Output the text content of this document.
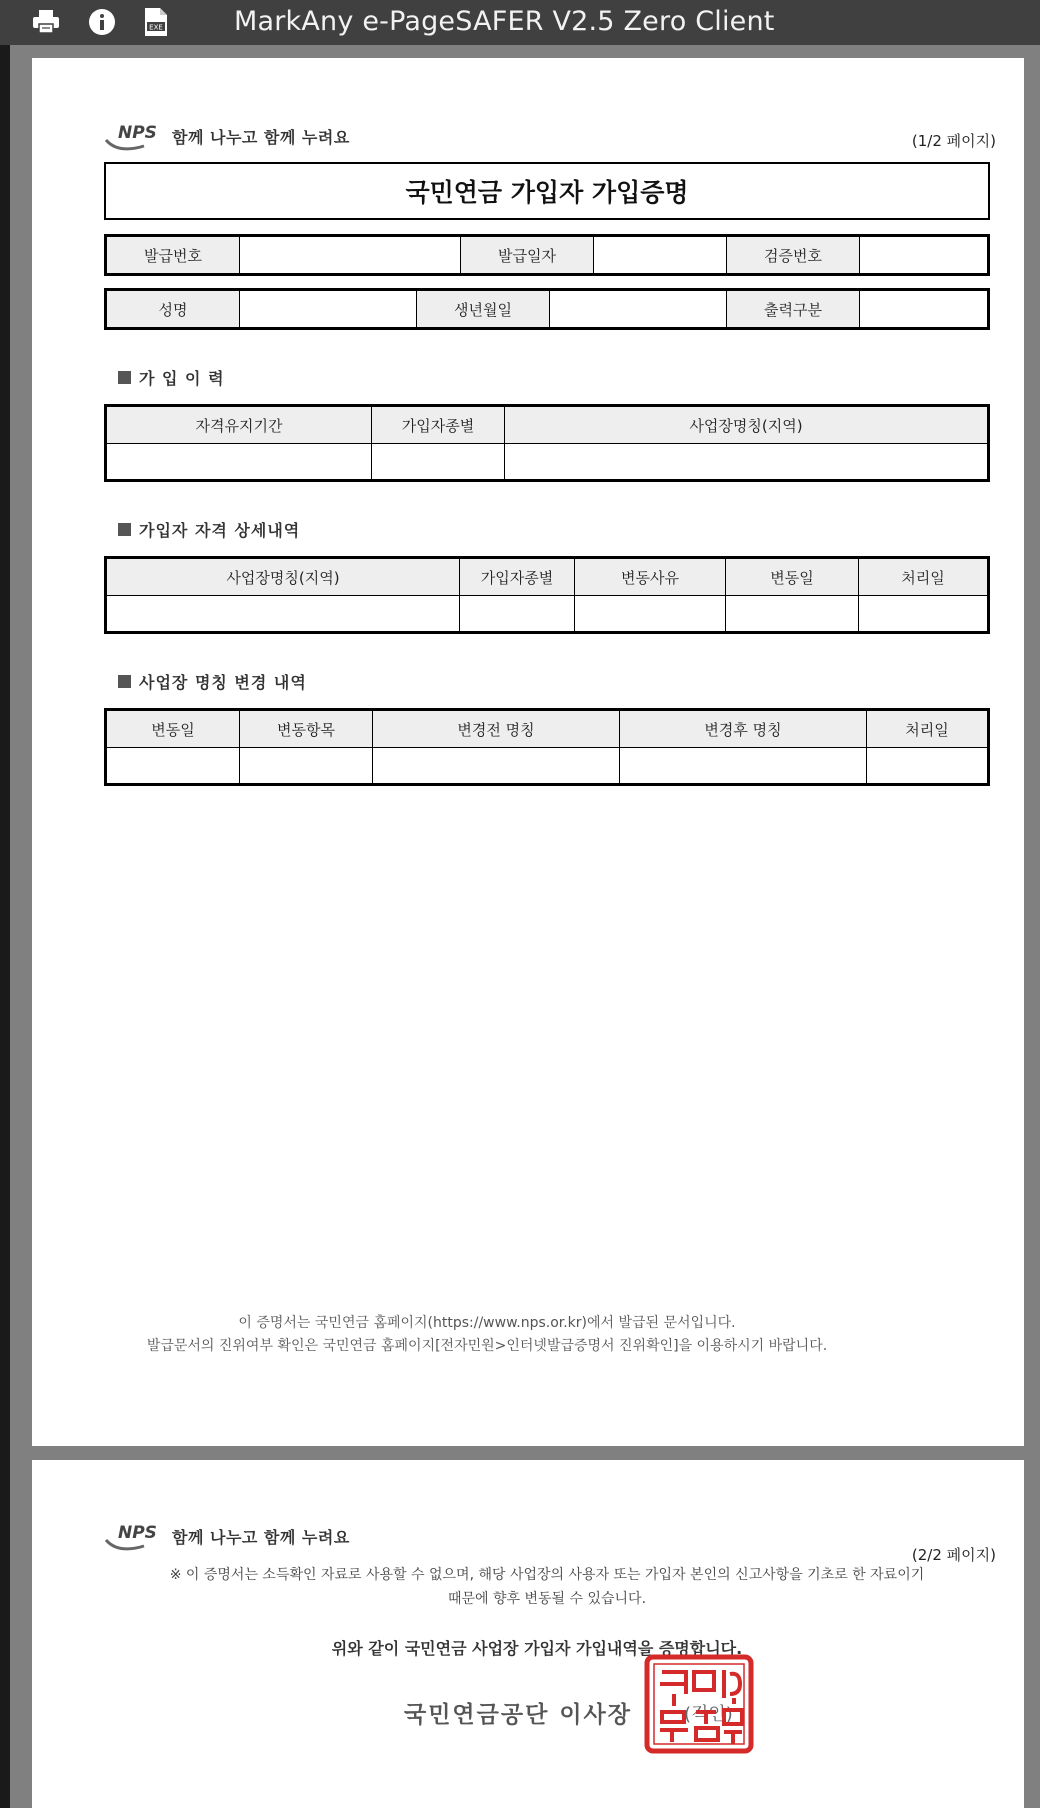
EXE	MarkAny e-PageSAFER V2.5 Zero Client
NPS 함께 나누고 함께 누려요	(1/2 페이지)
국민연금 가입자 가입증명
발급번호		발급일자		검증번호	
성명		생년월일		출력구분	
가 입 이 력
자격유지기간	가입자종별	사업장명칭(지역)

가입자 자격 상세내역
사업장명칭(지역)	가입자종별	변동사유	변동일	처리일

사업장 명칭 변경 내역
변동일	변동항목	변경전 명칭	변경후 명칭	처리일

이 증명서는 국민연금 홈페이지(https://www.nps.or.kr)에서 발급된 문서입니다.
발급문서의 진위여부 확인은 국민연금 홈페이지[전자민원>인터넷발급증명서 진위확인]을 이용하시기 바랍니다.
NPS 함께 나누고 함께 누려요
(2/2 페이지)
※ 이 증명서는 소득확인 자료로 사용할 수 없으며, 해당 사업장의 사용자 또는 가입자 본인의 신고사항을 기초로 한 자료이기
때문에 향후 변동될 수 있습니다.
위와 같이 국민연금 사업장 가입자 가입내역을 증명합니다.
국민연금공단 이사장	(직인)
